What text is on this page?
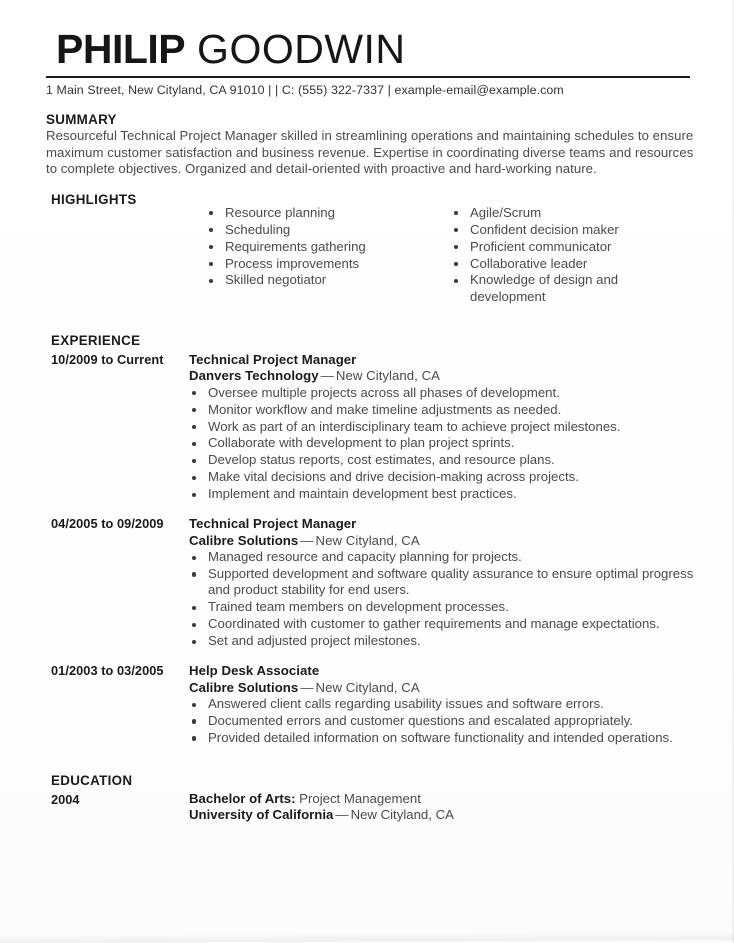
PHILIP GOODWIN
1 Main Street, New Cityland, CA 91010 | | C: (555) 322-7337 | example-email@example.com
SUMMARY
Resourceful Technical Project Manager skilled in streamlining operations and maintaining schedules to ensure maximum customer satisfaction and business revenue. Expertise in coordinating diverse teams and resources to complete objectives. Organized and detail-oriented with proactive and hard-working nature.
HIGHLIGHTS
Resource planning
Scheduling
Requirements gathering
Process improvements
Skilled negotiator
Agile/Scrum
Confident decision maker
Proficient communicator
Collaborative leader
Knowledge of design and development
EXPERIENCE
10/2009 to Current	Technical Project Manager
Danvers Technology — New Cityland, CA
Oversee multiple projects across all phases of development.
Monitor workflow and make timeline adjustments as needed.
Work as part of an interdisciplinary team to achieve project milestones.
Collaborate with development to plan project sprints.
Develop status reports, cost estimates, and resource plans.
Make vital decisions and drive decision-making across projects.
Implement and maintain development best practices.
04/2005 to 09/2009	Technical Project Manager
Calibre Solutions — New Cityland, CA
Managed resource and capacity planning for projects.
Supported development and software quality assurance to ensure optimal progress and product stability for end users.
Trained team members on development processes.
Coordinated with customer to gather requirements and manage expectations.
Set and adjusted project milestones.
01/2003 to 03/2005	Help Desk Associate
Calibre Solutions — New Cityland, CA
Answered client calls regarding usability issues and software errors.
Documented errors and customer questions and escalated appropriately.
Provided detailed information on software functionality and intended operations.
EDUCATION
2004	Bachelor of Arts: Project Management
University of California — New Cityland, CA
